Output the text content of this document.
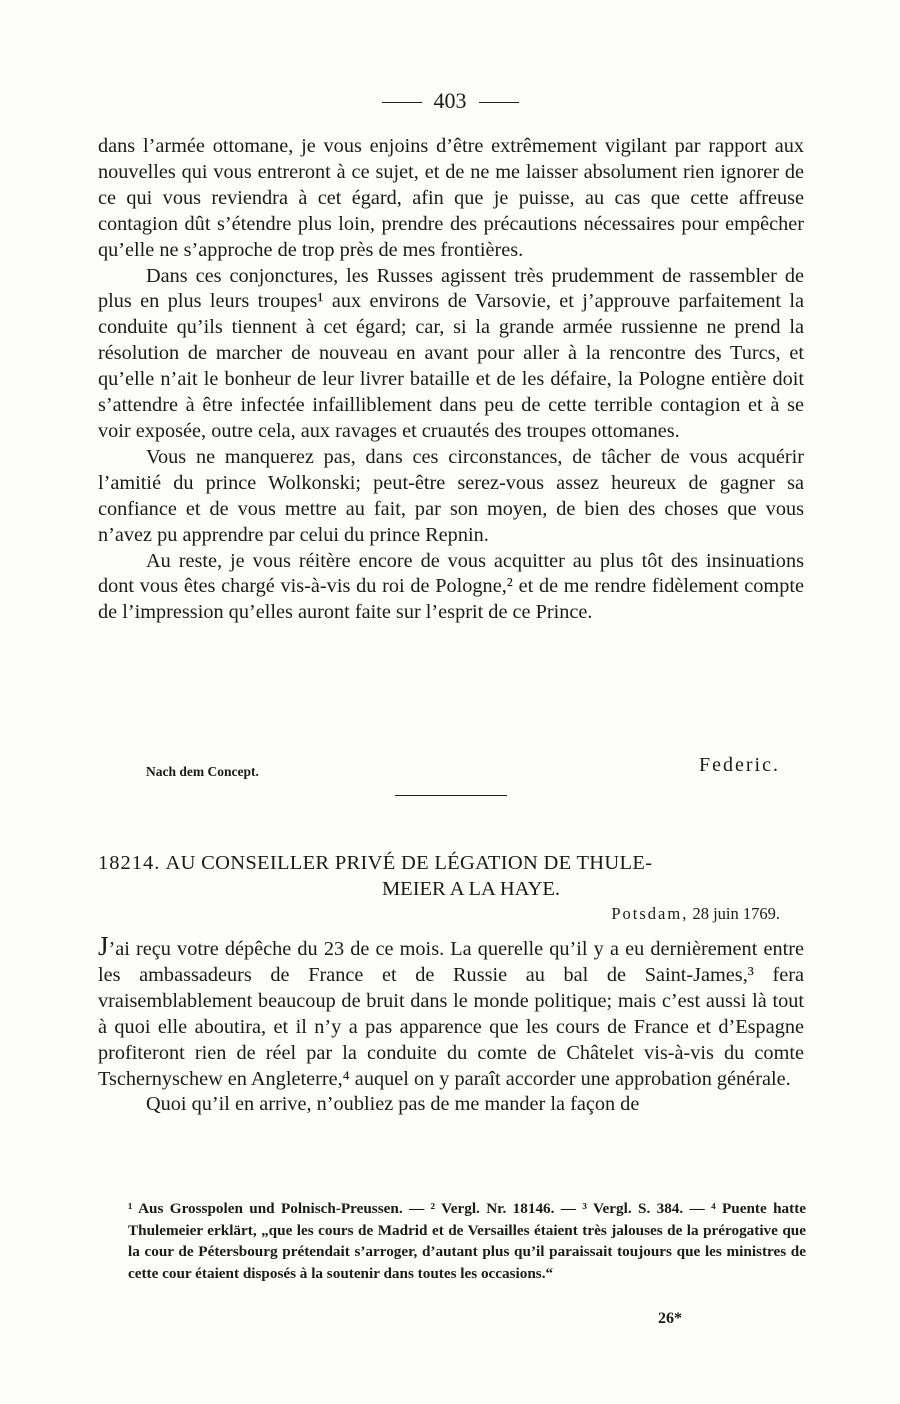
403

dans l’armée ottomane, je vous enjoins d’être extrêmement vigilant par rapport aux nouvelles qui vous entreront à ce sujet, et de ne me laisser absolument rien ignorer de ce qui vous reviendra à cet égard, afin que je puisse, au cas que cette affreuse contagion dût s’étendre plus loin, prendre des précautions nécessaires pour empêcher qu’elle ne s’approche de trop près de mes frontières.

Dans ces conjonctures, les Russes agissent très prudemment de rassembler de plus en plus leurs troupes¹ aux environs de Varsovie, et j’approuve parfaitement la conduite qu’ils tiennent à cet égard; car, si la grande armée russienne ne prend la résolution de marcher de nouveau en avant pour aller à la rencontre des Turcs, et qu’elle n’ait le bonheur de leur livrer bataille et de les défaire, la Pologne entière doit s’attendre à être infectée infailliblement dans peu de cette terrible contagion et à se voir exposée, outre cela, aux ravages et cruautés des troupes ottomanes.

Vous ne manquerez pas, dans ces circonstances, de tâcher de vous acquérir l’amitié du prince Wolkonski; peut-être serez-vous assez heureux de gagner sa confiance et de vous mettre au fait, par son moyen, de bien des choses que vous n’avez pu apprendre par celui du prince Repnin.

Au reste, je vous réitère encore de vous acquitter au plus tôt des insinuations dont vous êtes chargé vis-à-vis du roi de Pologne,² et de me rendre fidèlement compte de l’impression qu’elles auront faite sur l’esprit de ce Prince.

Nach dem Concept.	Federic.
18214. AU CONSEILLER PRIVÉ DE LÉGATION DE THULE-
MEIER A LA HAYE.
Potsdam, 28 juin 1769.

J’ai reçu votre dépêche du 23 de ce mois. La querelle qu’il y a eu dernièrement entre les ambassadeurs de France et de Russie au bal de Saint-James,³ fera vraisemblablement beaucoup de bruit dans le monde politique; mais c’est aussi là tout à quoi elle aboutira, et il n’y a pas apparence que les cours de France et d’Espagne profiteront rien de réel par la conduite du comte de Châtelet vis-à-vis du comte Tschernyschew en Angleterre,⁴ auquel on y paraît accorder une approbation générale.

Quoi qu’il en arrive, n’oubliez pas de me mander la façon de

¹ Aus Grosspolen und Polnisch-Preussen. — ² Vergl. Nr. 18146. — ³ Vergl. S. 384. — ⁴ Puente hatte Thulemeier erklärt, „que les cours de Madrid et de Versailles étaient très jalouses de la prérogative que la cour de Pétersbourg prétendait s’arroger, d’autant plus qu’il paraissait toujours que les ministres de cette cour étaient disposés à la soutenir dans toutes les occasions.“

26*
